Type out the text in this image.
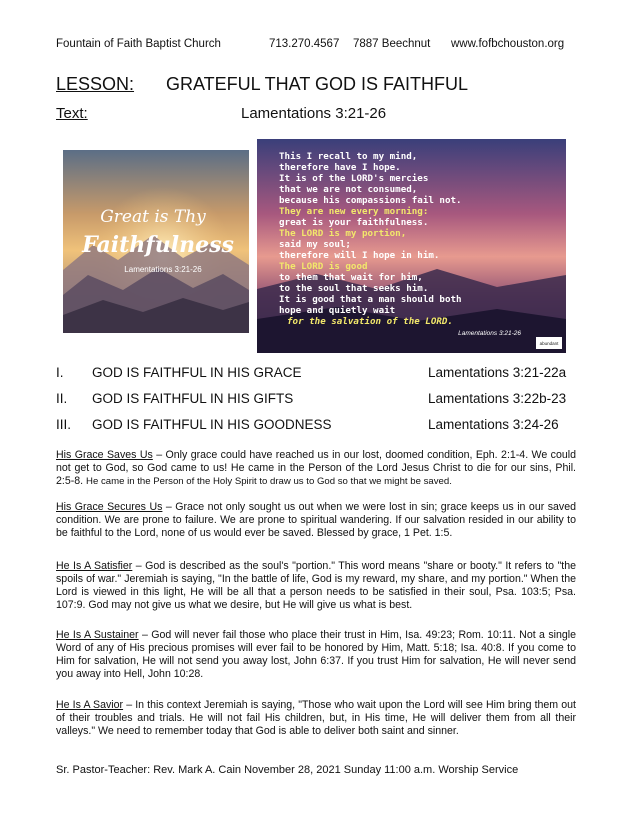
Fountain of Faith Baptist Church	713.270.4567 7887 Beechnut www.fofbchouston.org
LESSON: GRATEFUL THAT GOD IS FAITHFUL
Text:	Lamentations 3:21-26
Great is Thy
Faithfulness
Lamentations 3:21-26
This I recall to my mind,
therefore have I hope.
It is of the LORD's mercies
that we are not consumed,
because his compassions fail not.
They are new every morning:
great is your faithfulness.
The LORD is my portion,
said my soul;
therefore will I hope in him.
The LORD is good
to them that wait for him,
to the soul that seeks him.
It is good that a man should both
hope and quietly wait
for the salvation of the LORD.
Lamentations 3:21-26
abundant
I. GOD IS FAITHFUL IN HIS GRACE	Lamentations 3:21-22a
II. GOD IS FAITHFUL IN HIS GIFTS	Lamentations 3:22b-23
III. GOD IS FAITHFUL IN HIS GOODNESS	Lamentations 3:24-26
His Grace Saves Us – Only grace could have reached us in our lost, doomed condition, Eph. 2:1-4. We could not get to God, so God came to us! He came in the Person of the Lord Jesus Christ to die for our sins, Phil. 2:5-8. He came in the Person of the Holy Spirit to draw us to God so that we might be saved.
His Grace Secures Us – Grace not only sought us out when we were lost in sin; grace keeps us in our saved condition. We are prone to failure. We are prone to spiritual wandering. If our salvation resided in our ability to be faithful to the Lord, none of us would ever be saved. Blessed by grace, 1 Pet. 1:5.
He Is A Satisfier – God is described as the soul's "portion." This word means "share or booty." It refers to "the spoils of war." Jeremiah is saying, "In the battle of life, God is my reward, my share, and my portion." When the Lord is viewed in this light, He will be all that a person needs to be satisfied in their soul, Psa. 103:5; Psa. 107:9. God may not give us what we desire, but He will give us what is best.
He Is A Sustainer – God will never fail those who place their trust in Him, Isa. 49:23; Rom. 10:11. Not a single Word of any of His precious promises will ever fail to be honored by Him, Matt. 5:18; Isa. 40:8. If you come to Him for salvation, He will not send you away lost, John 6:37. If you trust Him for salvation, He will never send you away into Hell, John 10:28.
He Is A Savior – In this context Jeremiah is saying, "Those who wait upon the Lord will see Him bring them out of their troubles and trials. He will not fail His children, but, in His time, He will deliver them from all their valleys." We need to remember today that God is able to deliver both saint and sinner.
Sr. Pastor-Teacher: Rev. Mark A. Cain November 28, 2021 Sunday 11:00 a.m. Worship Service
